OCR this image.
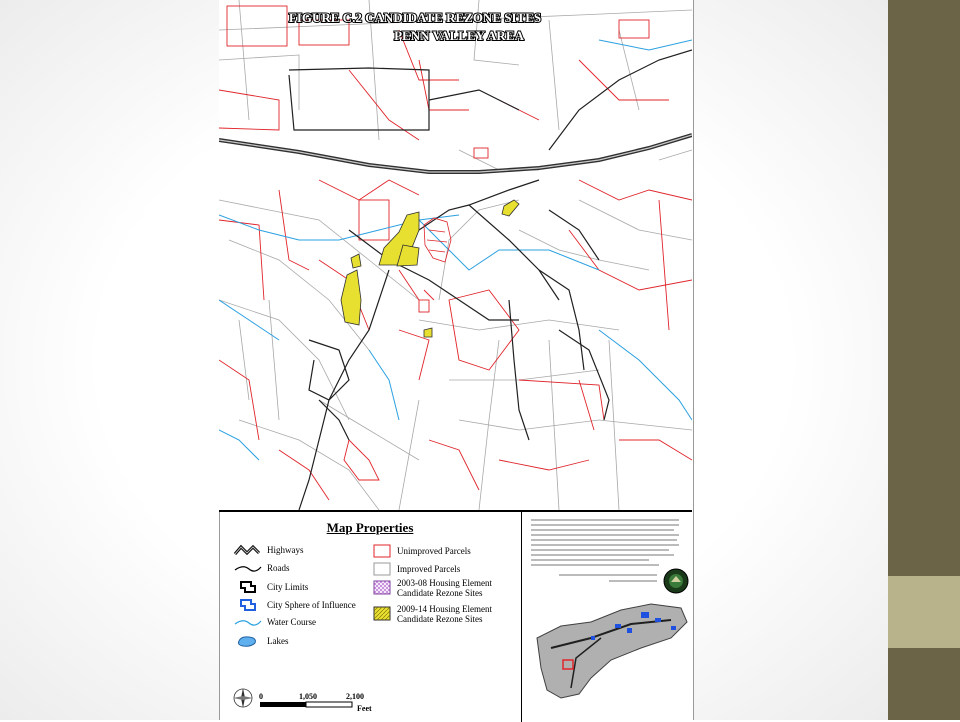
FIGURE C.2 CANDIDATE REZONE SITES
PENN VALLEY AREA
Map Properties
Highways
Roads
City Limits
City Sphere of Influence
Water Course
Lakes
Unimproved Parcels
Improved Parcels
2003-08 Housing Element Candidate Rezone Sites
2009-14 Housing Element Candidate Rezone Sites
0	1,050	2,100
Feet
